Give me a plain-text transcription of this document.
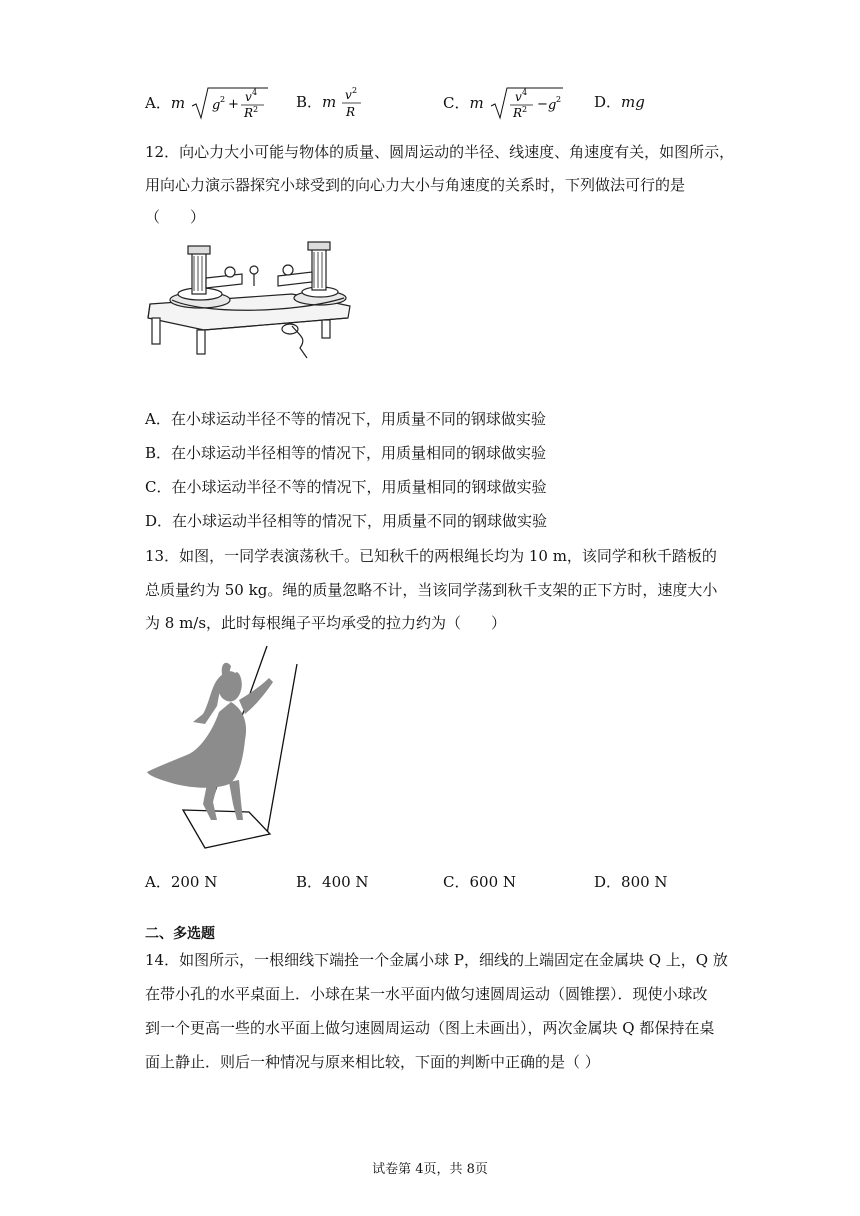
A．m g 2 + v 4
R 2	B．m v 2
R	C．m	v 4
R 2 − g 2 D．mg
12．向心力大小可能与物体的质量、圆周运动的半径、线速度、角速度有关，如图所示，
用向心力演示器探究小球受到的向心力大小与角速度的关系时，下列做法可行的是
（　　）
A．在小球运动半径不等的情况下，用质量不同的钢球做实验
B．在小球运动半径相等的情况下，用质量相同的钢球做实验
C．在小球运动半径不等的情况下，用质量相同的钢球做实验
D．在小球运动半径相等的情况下，用质量不同的钢球做实验
13．如图，一同学表演荡秋千。已知秋千的两根绳长均为 10 m，该同学和秋千踏板的
总质量约为 50 kg。绳的质量忽略不计，当该同学荡到秋千支架的正下方时，速度大小
为 8 m/s，此时每根绳子平均承受的拉力约为（　　）
A．200 N	B．400 N	C．600 N	D．800 N
二、多选题
14．如图所示，一根细线下端拴一个金属小球 P，细线的上端固定在金属块 Q 上，Q 放
在带小孔的水平桌面上．小球在某一水平面内做匀速圆周运动（圆锥摆）．现使小球改
到一个更高一些的水平面上做匀速圆周运动（图上未画出），两次金属块 Q 都保持在桌
面上静止．则后一种情况与原来相比较，下面的判断中正确的是（ ）
试卷第 4页，共 8页
